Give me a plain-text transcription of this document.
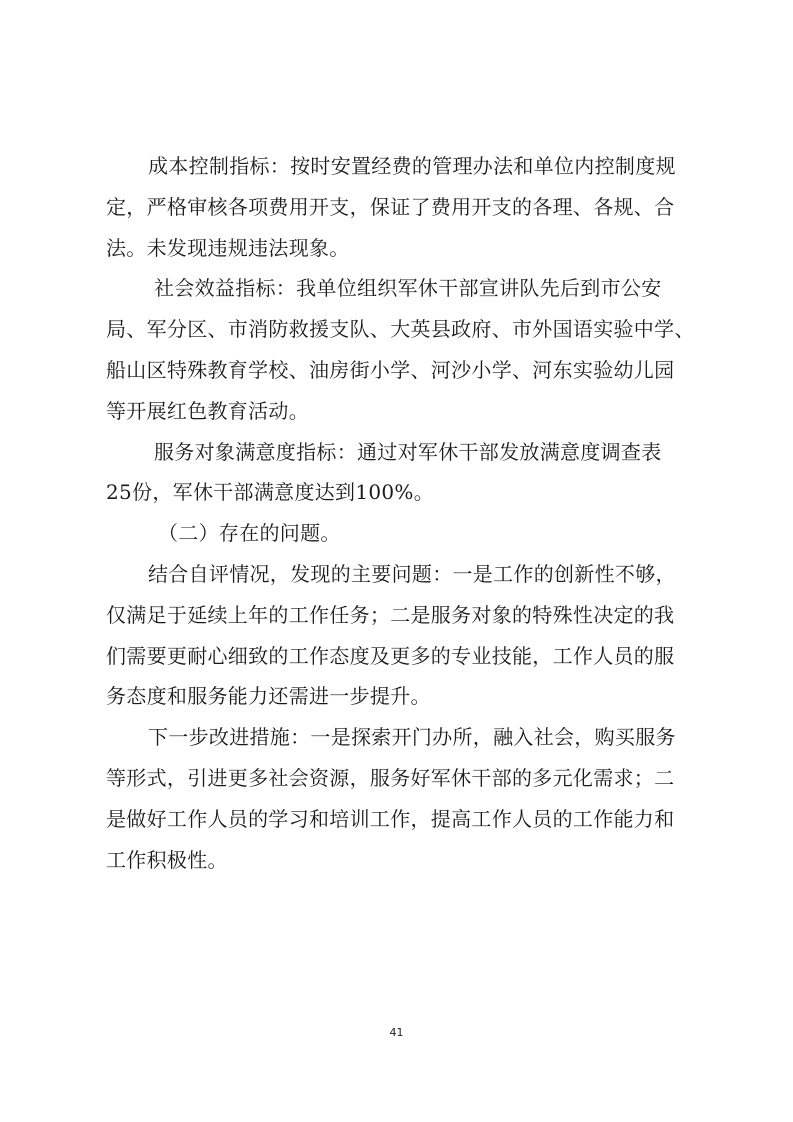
成本控制指标：按时安置经费的管理办法和单位内控制度规
定，严格审核各项费用开支，保证了费用开支的各理、各规、合
法。未发现违规违法现象。
社会效益指标：我单位组织军休干部宣讲队先后到市公安
局、军分区、市消防救援支队、大英县政府、市外国语实验中学、
船山区特殊教育学校、油房街小学、河沙小学、河东实验幼儿园
等开展红色教育活动。
服务对象满意度指标：通过对军休干部发放满意度调查表
25份，军休干部满意度达到100%。
（二）存在的问题。
结合自评情况，发现的主要问题：一是工作的创新性不够，
仅满足于延续上年的工作任务；二是服务对象的特殊性决定的我
们需要更耐心细致的工作态度及更多的专业技能，工作人员的服
务态度和服务能力还需进一步提升。
下一步改进措施：一是探索开门办所，融入社会，购买服务
等形式，引进更多社会资源，服务好军休干部的多元化需求；二
是做好工作人员的学习和培训工作，提高工作人员的工作能力和
工作积极性。
41
